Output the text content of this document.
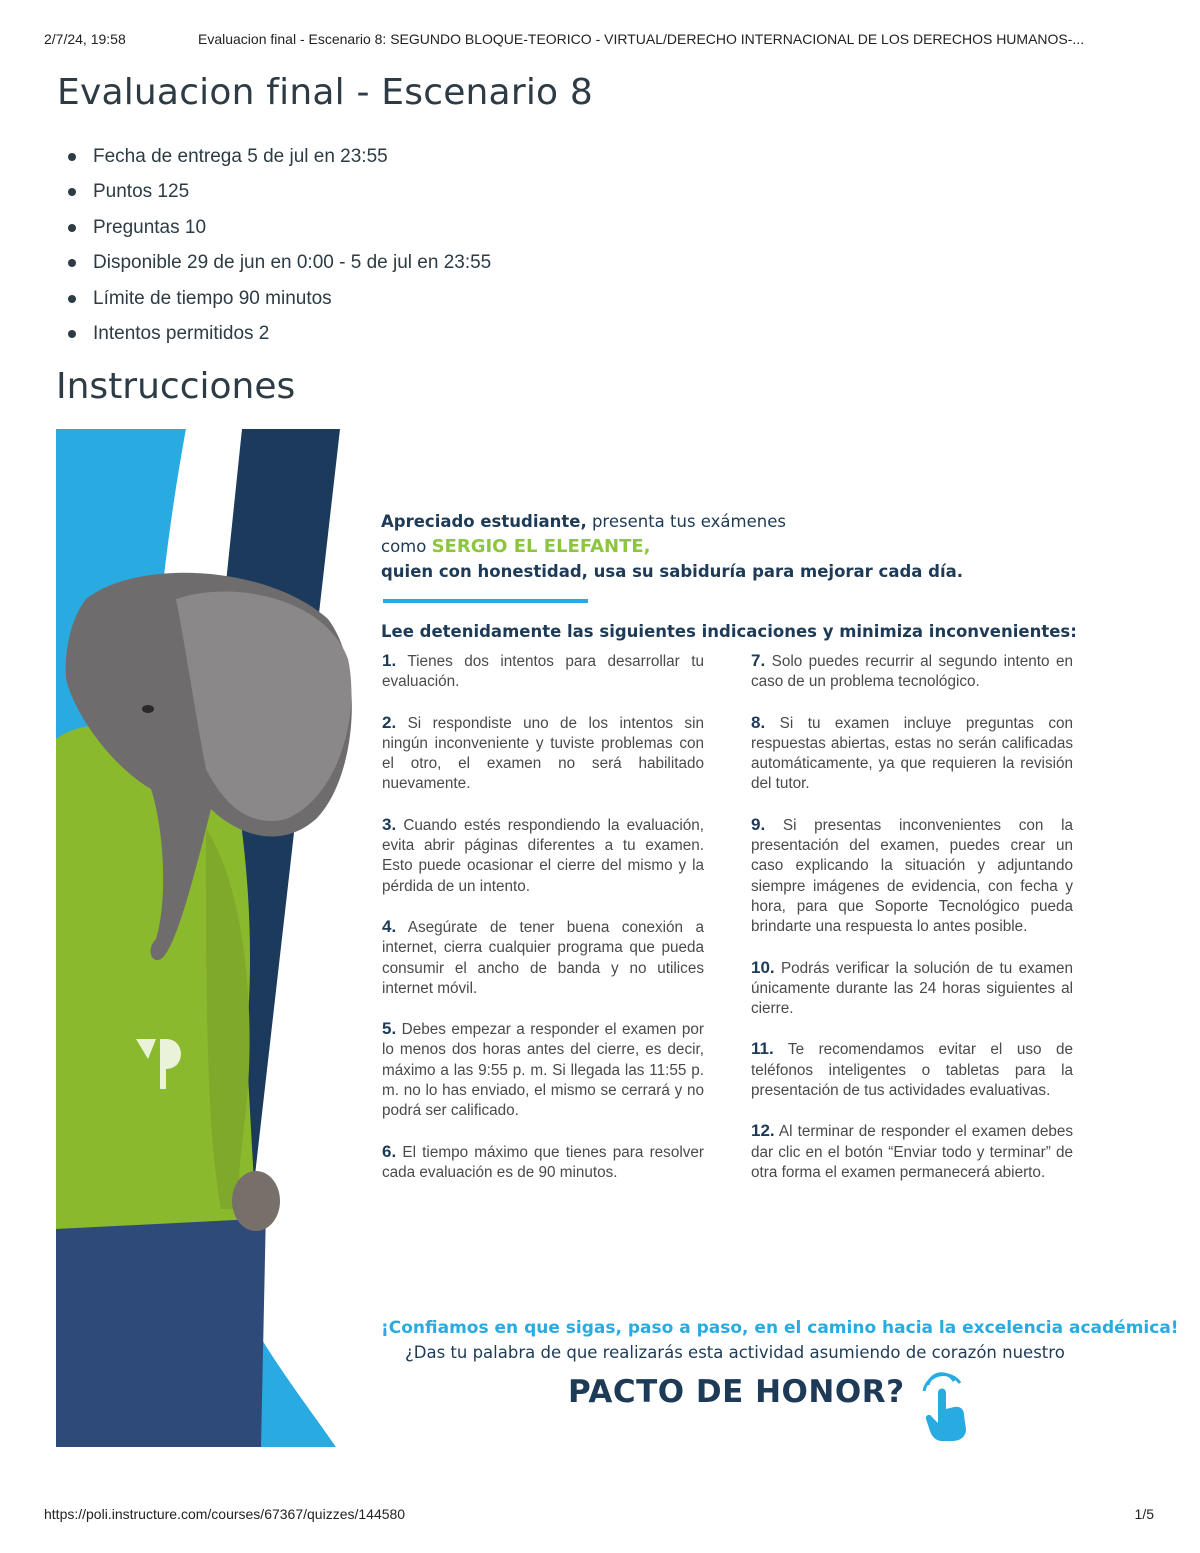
2/7/24, 19:58	Evaluacion final - Escenario 8: SEGUNDO BLOQUE-TEORICO - VIRTUAL/DERECHO INTERNACIONAL DE LOS DERECHOS HUMANOS-...
Evaluacion final - Escenario 8
Fecha de entrega 5 de jul en 23:55
Puntos 125
Preguntas 10
Disponible 29 de jun en 0:00 - 5 de jul en 23:55
Límite de tiempo 90 minutos
Intentos permitidos 2
Instrucciones
Apreciado estudiante, presenta tus exámenes
como SERGIO EL ELEFANTE,
quien con honestidad, usa su sabiduría para mejorar cada día.
Lee detenidamente las siguientes indicaciones y minimiza inconvenientes:
1. Tienes dos intentos para desarrollar tu evaluación.
2. Si respondiste uno de los intentos sin ningún inconveniente y tuviste problemas con el otro, el examen no será habilitado nuevamente.
3. Cuando estés respondiendo la evaluación, evita abrir páginas diferentes a tu examen. Esto puede ocasionar el cierre del mismo y la pérdida de un intento.
4. Asegúrate de tener buena conexión a internet, cierra cualquier programa que pueda consumir el ancho de banda y no utilices internet móvil.
5. Debes empezar a responder el examen por lo menos dos horas antes del cierre, es decir, máximo a las 9:55 p. m. Si llegada las 11:55 p. m. no lo has enviado, el mismo se cerrará y no podrá ser calificado.
6. El tiempo máximo que tienes para resolver cada evaluación es de 90 minutos.
7. Solo puedes recurrir al segundo intento en caso de un problema tecnológico.
8. Si tu examen incluye preguntas con respuestas abiertas, estas no serán calificadas automáticamente, ya que requieren la revisión del tutor.
9. Si presentas inconvenientes con la presentación del examen, puedes crear un caso explicando la situación y adjuntando siempre imágenes de evidencia, con fecha y hora, para que Soporte Tecnológico pueda brindarte una respuesta lo antes posible.
10. Podrás verificar la solución de tu examen únicamente durante las 24 horas siguientes al cierre.
11. Te recomendamos evitar el uso de teléfonos inteligentes o tabletas para la presentación de tus actividades evaluativas.
12. Al terminar de responder el examen debes dar clic en el botón “Enviar todo y terminar” de otra forma el examen permanecerá abierto.
¡Confiamos en que sigas, paso a paso, en el camino hacia la excelencia académica!
¿Das tu palabra de que realizarás esta actividad asumiendo de corazón nuestro
PACTO DE HONOR?
https://poli.instructure.com/courses/67367/quizzes/144580	1/5
